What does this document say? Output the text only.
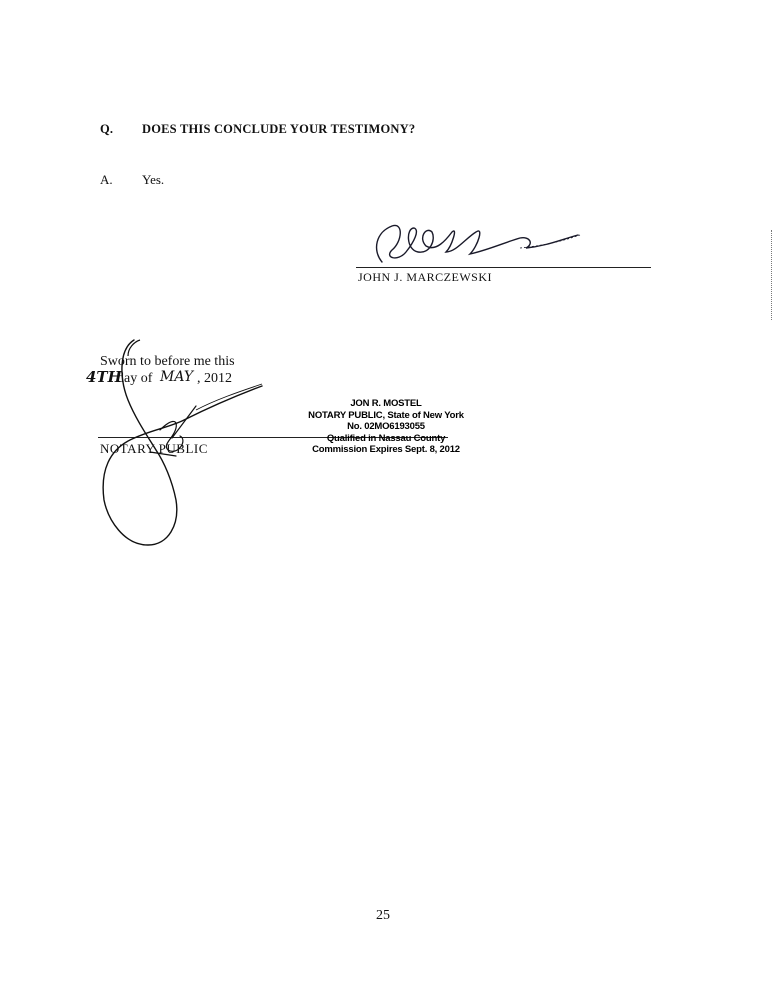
Q. DOES THIS CONCLUDE YOUR TESTIMONY?
A. Yes.
JOHN J. MARCZEWSKI
Sworn to before me this
4TH
day of MAY , 2012
NOTARY PUBLIC
JON R. MOSTEL
NOTARY PUBLIC, State of New York
No. 02MO6193055
Qualified in Nassau County
Commission Expires Sept. 8, 2012
25
